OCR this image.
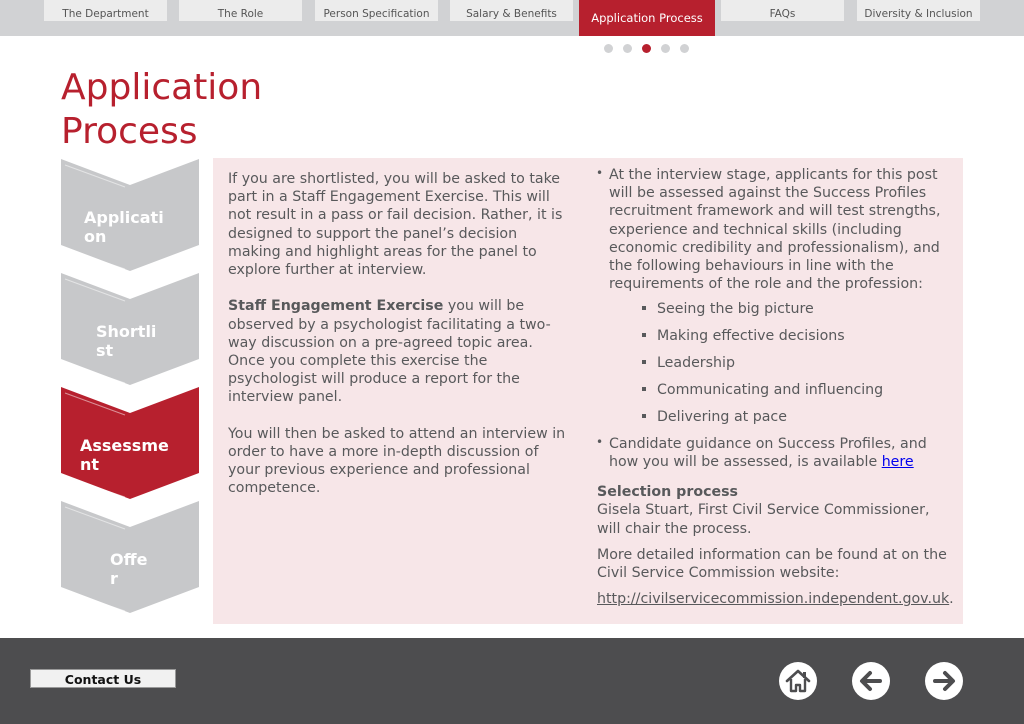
The Department	The Role	Person Specification	Salary & Benefits	Application Process	FAQs	Diversity & Inclusion
Application Process
Application
Shortlist
Assessment
Offer

If you are shortlisted, you will be asked to take part in a Staff Engagement Exercise. This will not result in a pass or fail decision. Rather, it is designed to support the panel’s decision making and highlight areas for the panel to explore further at interview.

Staff Engagement Exercise you will be observed by a psychologist facilitating a two-way discussion on a pre-agreed topic area. Once you complete this exercise the psychologist will produce a report for the interview panel.

You will then be asked to attend an interview in order to have a more in-depth discussion of your previous experience and professional competence.

• At the interview stage, applicants for this post will be assessed against the Success Profiles recruitment framework and will test strengths, experience and technical skills (including economic credibility and professionalism), and the following behaviours in line with the requirements of the role and the profession:
Seeing the big picture
Making effective decisions
Leadership
Communicating and influencing
Delivering at pace
• Candidate guidance on Success Profiles, and how you will be assessed, is available here
Selection process
Gisela Stuart, First Civil Service Commissioner, will chair the process.
More detailed information can be found at on the Civil Service Commission website:
http://civilservicecommission.independent.gov.uk.
Contact Us
